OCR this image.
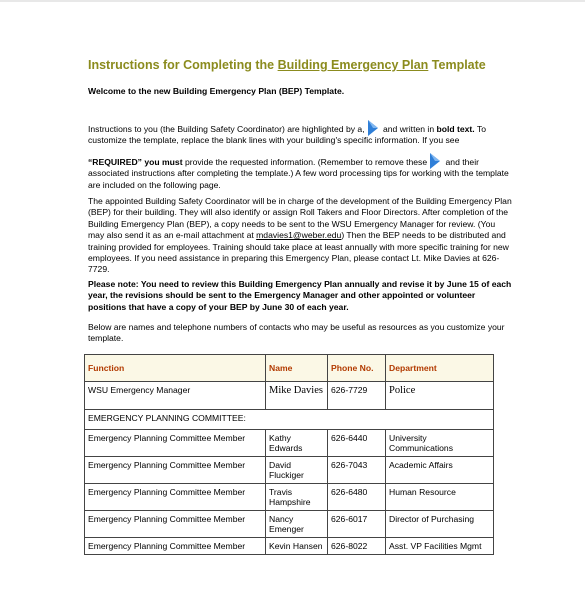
Instructions for Completing the Building Emergency Plan Template
Welcome to the new Building Emergency Plan (BEP) Template.
Instructions to you (the Building Safety Coordinator) are highlighted by a,
and written in bold text. To customize the template, replace the blank lines with your building's specific information. If you see
“REQUIRED” you must provide the requested information. (Remember to remove these
and their associated instructions after completing the template.) A few word processing tips for working with the template are included on the following page.
The appointed Building Safety Coordinator will be in charge of the development of the Building Emergency Plan (BEP) for their building. They will also identify or assign Roll Takers and Floor Directors. After completion of the Building Emergency Plan (BEP), a copy needs to be sent to the WSU Emergency Manager for review. (You may also send it as an e-mail attachment at mdavies1@weber.edu) Then the BEP needs to be distributed and training provided for employees. Training should take place at least annually with more specific training for new employees. If you need assistance in preparing this Emergency Plan, please contact Lt. Mike Davies at 626-7729.
Please note: You need to review this Building Emergency Plan annually and revise it by June 15 of each year, the revisions should be sent to the Emergency Manager and other appointed or volunteer positions that have a copy of your BEP by June 30 of each year.
Below are names and telephone numbers of contacts who may be useful as resources as you customize your template.
Function	Name	Phone No.	Department
WSU Emergency Manager	Mike Davies	626-7729	Police
EMERGENCY PLANNING COMMITTEE:			
Emergency Planning Committee Member	Kathy Edwards	626-6440	University Communications
Emergency Planning Committee Member	David Fluckiger	626-7043	Academic Affairs
Emergency Planning Committee Member	Travis Hampshire	626-6480	Human Resource
Emergency Planning Committee Member	Nancy Emenger	626-6017	Director of Purchasing
Emergency Planning Committee Member	Kevin Hansen	626-8022	Asst. VP Facilities Mgmt
